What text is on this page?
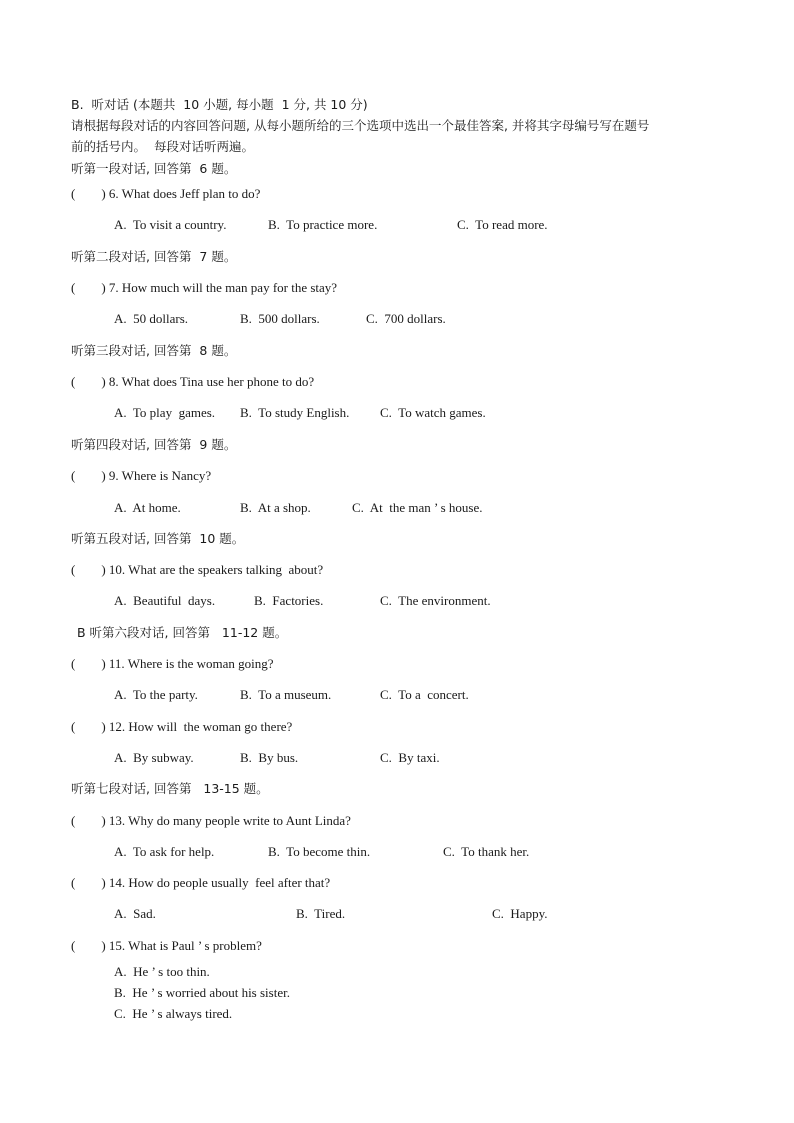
B.  听对话 (本题共  10 小题, 每小题  1 分, 共 10 分)
请根据每段对话的内容回答问题, 从每小题所给的三个选项中选出一个最佳答案, 并将其字母编号写在题号
前的括号内。  每段对话听两遍。
听第一段对话, 回答第  6 题。
(        ) 6. What does Jeff plan to do?
A.  To visit a country.	B.  To practice more.	C.  To read more.
听第二段对话, 回答第  7 题。
(        ) 7. How much will the man pay for the stay?
A.  50 dollars.	B.  500 dollars.	C.  700 dollars.
听第三段对话, 回答第  8 题。
(        ) 8. What does Tina use her phone to do?
A.  To play  games. B.  To study English. C.  To watch games.
听第四段对话, 回答第  9 题。
(        ) 9. Where is Nancy?
A.  At home.	B.  At a shop.	C.  At  the man ’ s house.
听第五段对话, 回答第  10 题。
(        ) 10. What are the speakers talking  about?
A.  Beautiful  days.	B.  Factories.	C.  The environment.
B 听第六段对话, 回答第   11-12 题。
(        ) 11. Where is the woman going?
A.  To the party.	B.  To a museum.	C.  To a  concert.
(        ) 12. How will  the woman go there?
A.  By subway.	B.  By bus.	C.  By taxi.
听第七段对话, 回答第   13-15 题。
(        ) 13. Why do many people write to Aunt Linda?
A.  To ask for help.	B.  To become thin.	C.  To thank her.
(        ) 14. How do people usually  feel after that?
A.  Sad.	B.  Tired.	C.  Happy.
(        ) 15. What is Paul ’ s problem?
A.  He ’ s too thin.
B.  He ’ s worried about his sister.
C.  He ’ s always tired.
